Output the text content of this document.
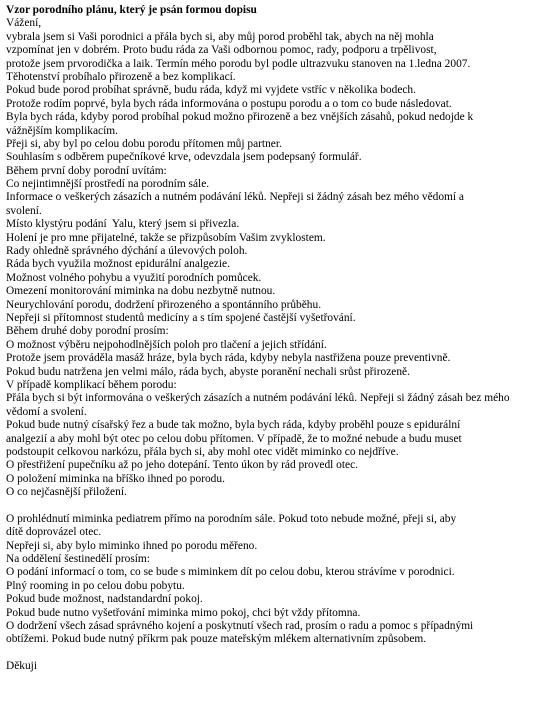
Vzor porodního plánu, který je psán formou dopisu
Vážení,
vybrala jsem si Vaši porodnici a přála bych si, aby můj porod proběhl tak, abych na něj mohla
vzpomínat jen v dobrém. Proto budu ráda za Vaši odbornou pomoc, rady, podporu a trpělivost,
protože jsem prvorodička a laik. Termín mého porodu byl podle ultrazvuku stanoven na 1.ledna 2007.
Těhotenství probíhalo přirozeně a bez komplikací.
Pokud bude porod probíhat správně, budu ráda, když mi vyjdete vstříc v několika bodech.
Protože rodím poprvé, byla bych ráda informována o postupu porodu a o tom co bude následovat.
Byla bych ráda, kdyby porod probíhal pokud možno přirozeně a bez vnějších zásahů, pokud nedojde k
vážnějším komplikacím.
Přeji si, aby byl po celou dobu porodu přítomen můj partner.
Souhlasím s odběrem pupečníkové krve, odevzdala jsem podepsaný formulář.
Během první doby porodní uvítám:
Co nejintimnější prostředí na porodním sále.
Informace o veškerých zásazích a nutném podávání léků. Nepřeji si žádný zásah bez mého vědomí a
svolení.
Místo klystýru podání  Yalu, který jsem si přivezla.
Holení je pro mne přijatelné, takže se přizpůsobím Vašim zvyklostem.
Rady ohledně správného dýchání a úlevových poloh.
Ráda bych využila možnost epidurální analgezie.
Možnost volného pohybu a využití porodních pomůcek.
Omezení monitorování miminka na dobu nezbytně nutnou.
Neurychlování porodu, dodržení přirozeného a spontánního průběhu.
Nepřeji si přítomnost studentů medicíny a s tím spojené častější vyšetřování.
Během druhé doby porodní prosím:
O možnost výběru nejpohodlnějších poloh pro tlačení a jejich střídání.
Protože jsem prováděla masáž hráze, byla bych ráda, kdyby nebyla nastřižena pouze preventivně.
Pokud budu natržena jen velmi málo, ráda bych, abyste poranění nechali srůst přirozeně.
V případě komplikací během porodu:
Přála bych si být informována o veškerých zásazích a nutném podávání léků. Nepřeji si žádný zásah bez mého
vědomí a svolení.
Pokud bude nutný císařský řez a bude tak možno, byla bych ráda, kdyby proběhl pouze s epidurální
analgezií a aby mohl být otec po celou dobu přítomen. V případě, že to možné nebude a budu muset
podstoupit celkovou narkózu, přála bych si, aby mohl otec vidět miminko co nejdříve.
O přestřižení pupečníku až po jeho dotepání. Tento úkon by rád provedl otec.
O položení miminka na bříško ihned po porodu.
O co nejčasnější přiložení.
O prohlédnutí miminka pediatrem přímo na porodním sále. Pokud toto nebude možné, přeji si, aby
dítě doprovázel otec.
Nepřeji si, aby bylo miminko ihned po porodu měřeno.
Na oddělení šestinedělí prosím:
O podání informací o tom, co se bude s miminkem dít po celou dobu, kterou strávíme v porodnici.
Plný rooming in po celou dobu pobytu.
Pokud bude možnost, nadstandardní pokoj.
Pokud bude nutno vyšetřování miminka mimo pokoj, chci být vždy přítomna.
O dodržení všech zásad správného kojení a poskytnutí všech rad, prosím o radu a pomoc s případnými
obtížemi. Pokud bude nutný příkrm pak pouze mateřským mlékem alternativním způsobem.
Děkuji
